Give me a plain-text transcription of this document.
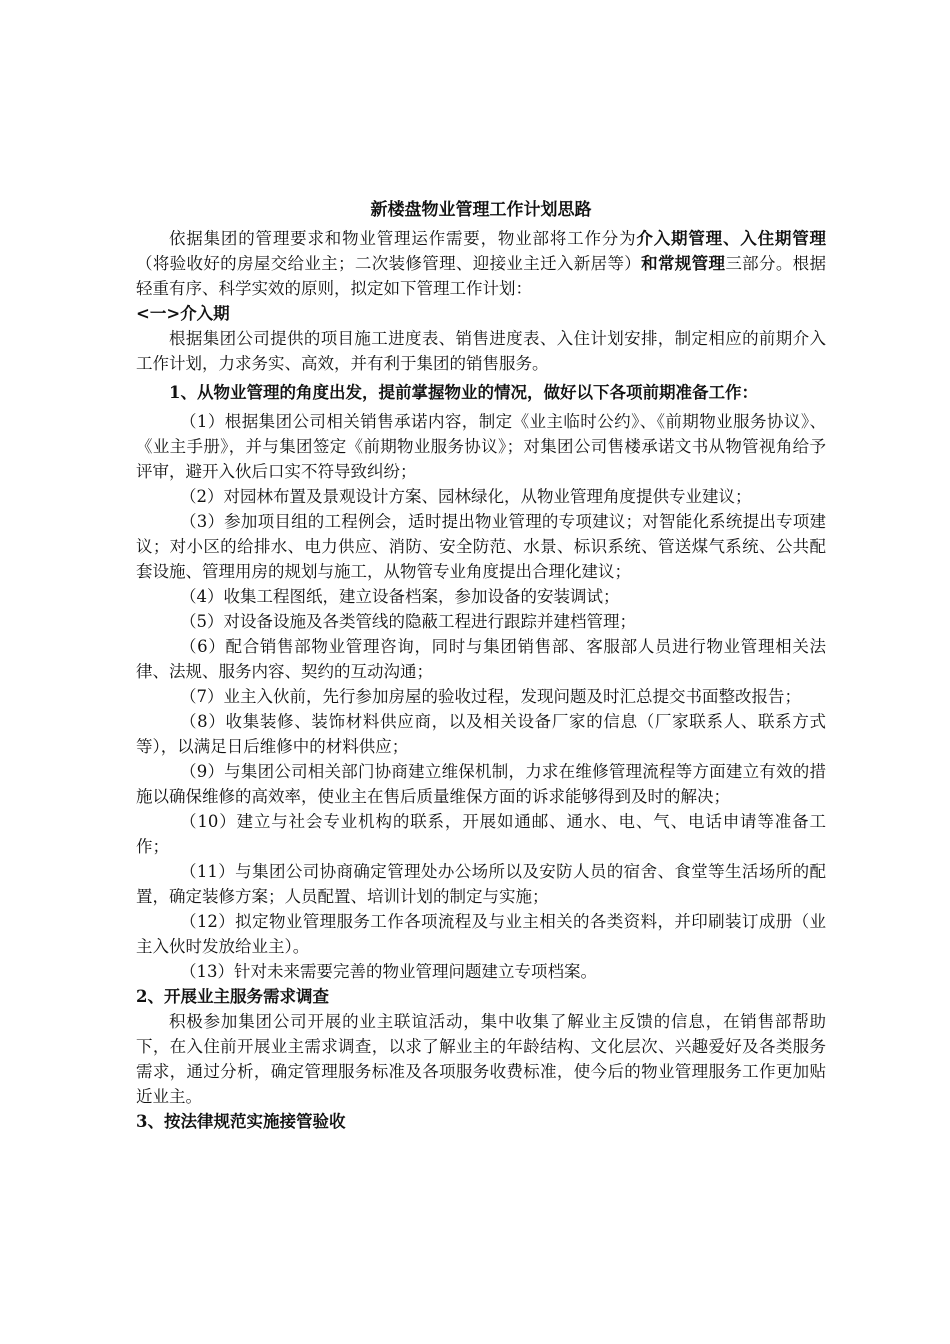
新楼盘物业管理工作计划思路

依据集团的管理要求和物业管理运作需要，物业部将工作分为介入期管理、入住期管理（将验收好的房屋交给业主；二次装修管理、迎接业主迁入新居等）和常规管理三部分。根据轻重有序、科学实效的原则，拟定如下管理工作计划：

<一>介入期

根据集团公司提供的项目施工进度表、销售进度表、入住计划安排，制定相应的前期介入工作计划，力求务实、高效，并有利于集团的销售服务。

1、从物业管理的角度出发，提前掌握物业的情况，做好以下各项前期准备工作：

（1）根据集团公司相关销售承诺内容，制定《业主临时公约》、《前期物业服务协议》、《业主手册》，并与集团签定《前期物业服务协议》；对集团公司售楼承诺文书从物管视角给予评审，避开入伙后口实不符导致纠纷；

（2）对园林布置及景观设计方案、园林绿化，从物业管理角度提供专业建议；

（3）参加项目组的工程例会，适时提出物业管理的专项建议；对智能化系统提出专项建议；对小区的给排水、电力供应、消防、安全防范、水景、标识系统、管送煤气系统、公共配套设施、管理用房的规划与施工，从物管专业角度提出合理化建议；

（4）收集工程图纸，建立设备档案，参加设备的安装调试；

（5）对设备设施及各类管线的隐蔽工程进行跟踪并建档管理；

（6）配合销售部物业管理咨询，同时与集团销售部、客服部人员进行物业管理相关法律、法规、服务内容、契约的互动沟通；

（7）业主入伙前，先行参加房屋的验收过程，发现问题及时汇总提交书面整改报告；

（8）收集装修、装饰材料供应商，以及相关设备厂家的信息（厂家联系人、联系方式等），以满足日后维修中的材料供应；

（9）与集团公司相关部门协商建立维保机制，力求在维修管理流程等方面建立有效的措施以确保维修的高效率，使业主在售后质量维保方面的诉求能够得到及时的解决；

（10）建立与社会专业机构的联系，开展如通邮、通水、电、气、电话申请等准备工作；

（11）与集团公司协商确定管理处办公场所以及安防人员的宿舍、食堂等生活场所的配置，确定装修方案；人员配置、培训计划的制定与实施；

（12）拟定物业管理服务工作各项流程及与业主相关的各类资料，并印刷装订成册（业主入伙时发放给业主）。

（13）针对未来需要完善的物业管理问题建立专项档案。

2、开展业主服务需求调查

积极参加集团公司开展的业主联谊活动，集中收集了解业主反馈的信息，在销售部帮助下，在入住前开展业主需求调查，以求了解业主的年龄结构、文化层次、兴趣爱好及各类服务需求，通过分析，确定管理服务标准及各项服务收费标准，使今后的物业管理服务工作更加贴近业主。

3、按法律规范实施接管验收
